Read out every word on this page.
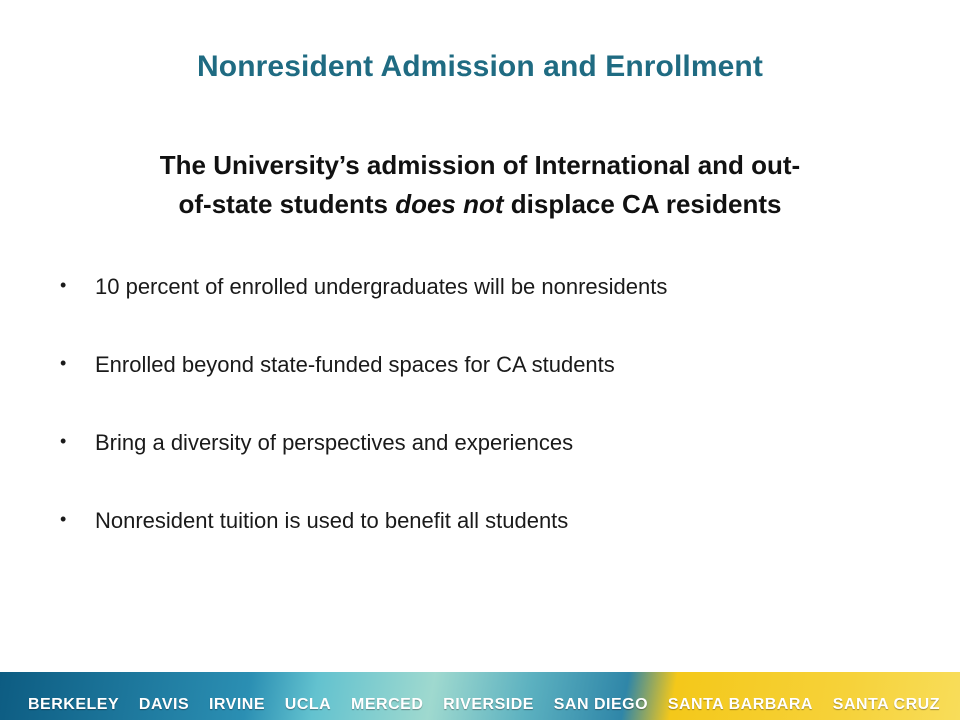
Nonresident Admission and Enrollment
The University’s admission of International and out-
of-state students does not displace CA residents
• 10 percent of enrolled undergraduates will be nonresidents
• Enrolled beyond state-funded spaces for CA students
• Bring a diversity of perspectives and experiences
• Nonresident tuition is used to benefit all students
BERKELEY DAVIS IRVINE UCLA MERCED RIVERSIDE SAN DIEGO SANTA BARBARA SANTA CRUZ
